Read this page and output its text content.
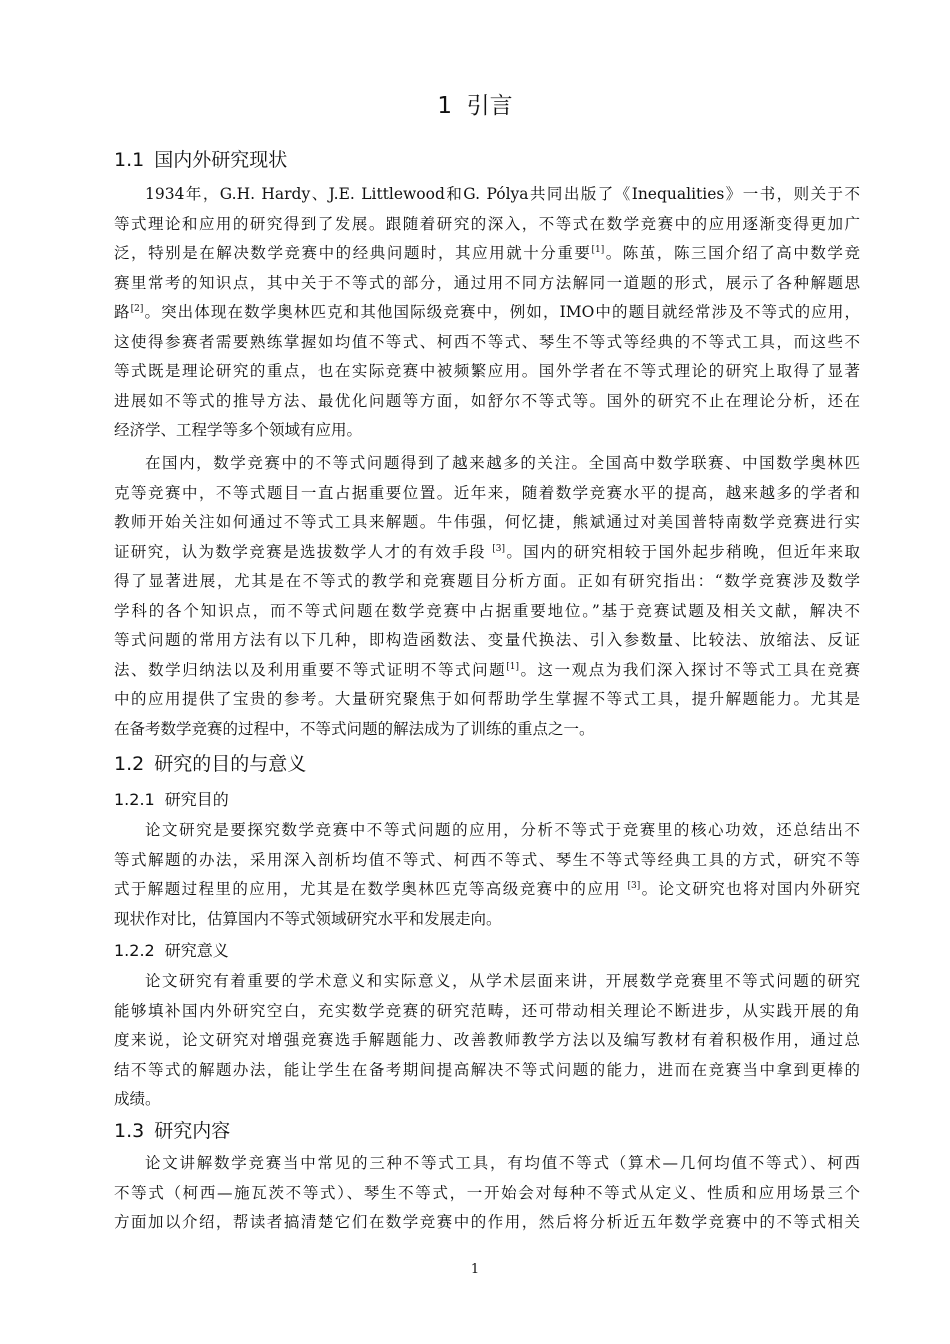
1 引言
1.1 国内外研究现状

1934年，G.H. Hardy、J.E. Littlewood和G. Pólya共同出版了《Inequalities》一书，则关于不
等式理论和应用的研究得到了发展。跟随着研究的深入，不等式在数学竞赛中的应用逐渐变得更加广
泛，特别是在解决数学竞赛中的经典问题时，其应用就十分重要[1]。陈茧，陈三国介绍了高中数学竞
赛里常考的知识点，其中关于不等式的部分，通过用不同方法解同一道题的形式，展示了各种解题思
路[2]。突出体现在数学奥林匹克和其他国际级竞赛中，例如，IMO中的题目就经常涉及不等式的应用，
这使得参赛者需要熟练掌握如均值不等式、柯西不等式、琴生不等式等经典的不等式工具，而这些不
等式既是理论研究的重点，也在实际竞赛中被频繁应用。国外学者在不等式理论的研究上取得了显著
进展如不等式的推导方法、最优化问题等方面，如舒尔不等式等。国外的研究不止在理论分析，还在
经济学、工程学等多个领域有应用。

在国内，数学竞赛中的不等式问题得到了越来越多的关注。全国高中数学联赛、中国数学奥林匹
克等竞赛中，不等式题目一直占据重要位置。近年来，随着数学竞赛水平的提高，越来越多的学者和
教师开始关注如何通过不等式工具来解题。牛伟强，何忆捷，熊斌通过对美国普特南数学竞赛进行实
证研究，认为数学竞赛是选拔数学人才的有效手段 [3]。国内的研究相较于国外起步稍晚，但近年来取
得了显著进展，尤其是在不等式的教学和竞赛题目分析方面。正如有研究指出：“数学竞赛涉及数学
学科的各个知识点，而不等式问题在数学竞赛中占据重要地位。”基于竞赛试题及相关文献，解决不
等式问题的常用方法有以下几种，即构造函数法、变量代换法、引入参数量、比较法、放缩法、反证
法、数学归纳法以及利用重要不等式证明不等式问题[1]。这一观点为我们深入探讨不等式工具在竞赛
中的应用提供了宝贵的参考。大量研究聚焦于如何帮助学生掌握不等式工具，提升解题能力。尤其是
在备考数学竞赛的过程中，不等式问题的解法成为了训练的重点之一。

1.2 研究的目的与意义
1.2.1 研究目的

论文研究是要探究数学竞赛中不等式问题的应用，分析不等式于竞赛里的核心功效，还总结出不
等式解题的办法，采用深入剖析均值不等式、柯西不等式、琴生不等式等经典工具的方式，研究不等
式于解题过程里的应用，尤其是在数学奥林匹克等高级竞赛中的应用 [3]。论文研究也将对国内外研究
现状作对比，估算国内不等式领域研究水平和发展走向。

1.2.2 研究意义

论文研究有着重要的学术意义和实际意义，从学术层面来讲，开展数学竞赛里不等式问题的研究
能够填补国内外研究空白，充实数学竞赛的研究范畴，还可带动相关理论不断进步，从实践开展的角
度来说，论文研究对增强竞赛选手解题能力、改善教师教学方法以及编写教材有着积极作用，通过总
结不等式的解题办法，能让学生在备考期间提高解决不等式问题的能力，进而在竞赛当中拿到更棒的
成绩。

1.3 研究内容

论文讲解数学竞赛当中常见的三种不等式工具，有均值不等式（算术—几何均值不等式）、柯西
不等式（柯西—施瓦茨不等式）、琴生不等式，一开始会对每种不等式从定义、性质和应用场景三个
方面加以介绍，帮读者搞清楚它们在数学竞赛中的作用，然后将分析近五年数学竞赛中的不等式相关

1
